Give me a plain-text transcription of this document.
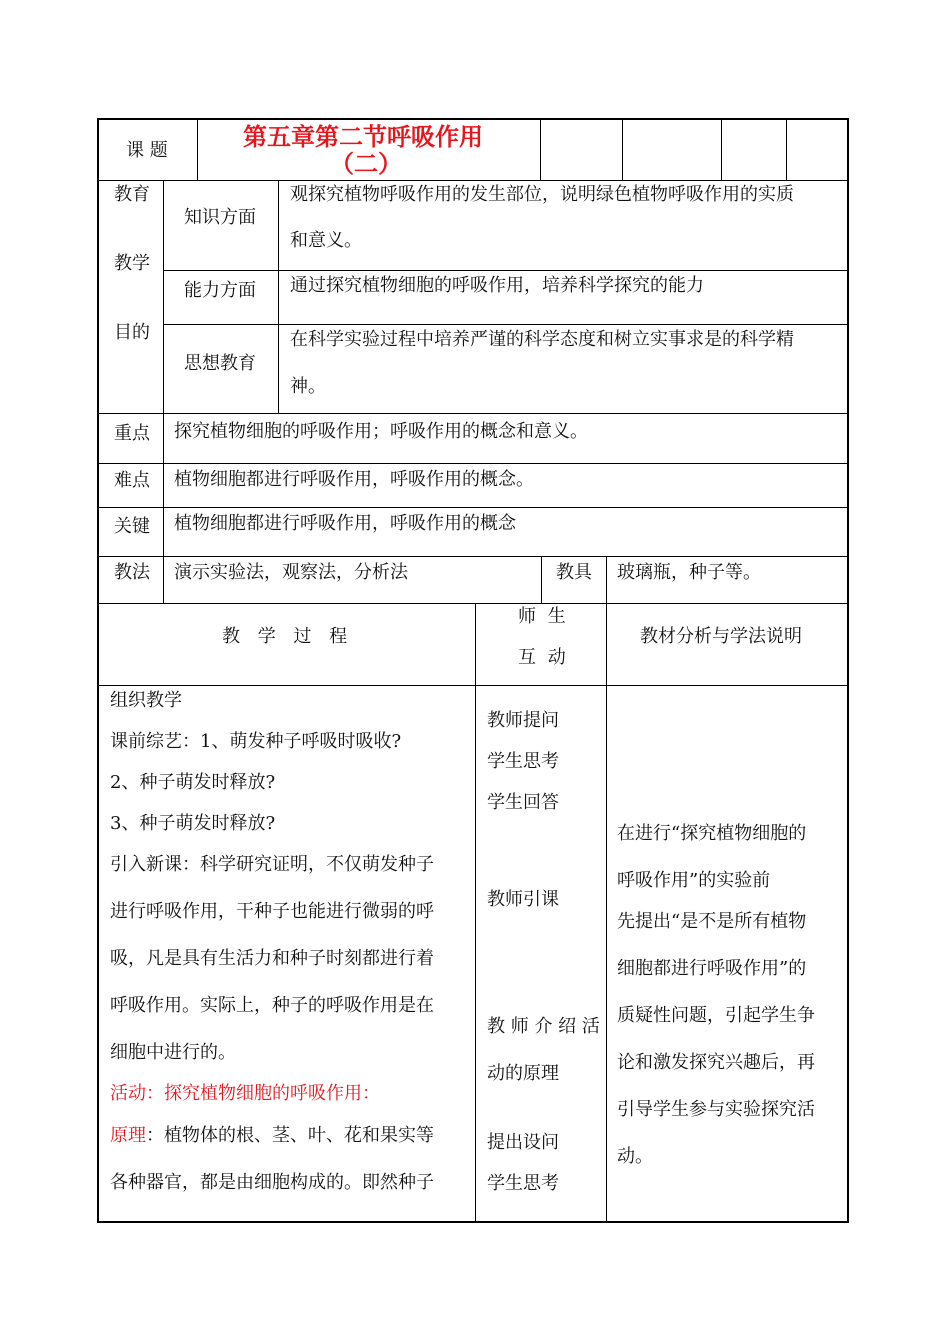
课 题	第五章第二节呼吸作用
（二）
教育
教学
目的
知识方面
观探究植物呼吸作用的发生部位，说明绿色植物呼吸作用的实质
和意义。
能力方面 通过探究植物细胞的呼吸作用，培养科学探究的能力
思想教育
在科学实验过程中培养严谨的科学态度和树立实事求是的科学精
神。
重点 探究植物细胞的呼吸作用；呼吸作用的概念和意义。
难点 植物细胞都进行呼吸作用，呼吸作用的概念。
关键 植物细胞都进行呼吸作用，呼吸作用的概念
教法 演示实验法，观察法，分析法	教具 玻璃瓶，种子等。
教 学 过 程
师 生
互 动
教材分析与学法说明
组织教学
课前综艺：1、萌发种子呼吸时吸收?
2、种子萌发时释放?
3、种子萌发时释放?
引入新课：科学研究证明，不仅萌发种子
进行呼吸作用，干种子也能进行微弱的呼
吸，凡是具有生活力和种子时刻都进行着
呼吸作用。实际上，种子的呼吸作用是在
细胞中进行的。
活动：探究植物细胞的呼吸作用：
原理：植物体的根、茎、叶、花和果实等
各种器官，都是由细胞构成的。即然种子
教师提问
学生思考
学生回答
教师引课
教 师 介 绍 活
动的原理
提出设问
学生思考
在进行“探究植物细胞的
呼吸作用”的实验前
先提出“是不是所有植物
细胞都进行呼吸作用”的
质疑性问题，引起学生争
论和激发探究兴趣后，再
引导学生参与实验探究活
动。
